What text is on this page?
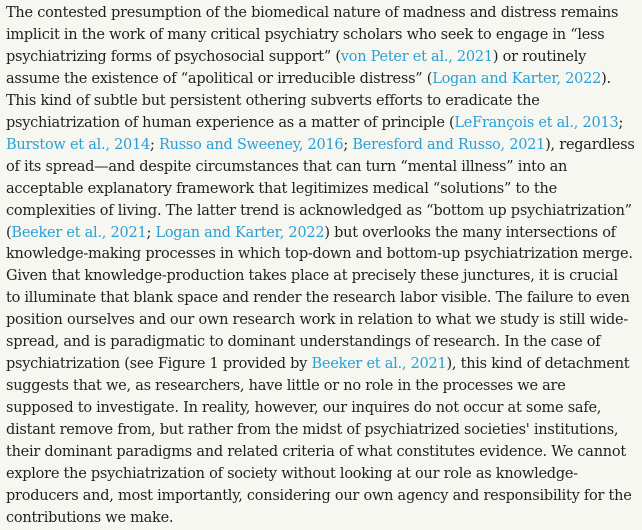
The contested presumption of the biomedical nature of madness and distress remains implicit in the work of many critical psychiatry scholars who seek to engage in “less psychiatrizing forms of psychosocial support” (von Peter et al., 2021) or routinely assume the existence of “apolitical or irreducible distress” (Logan and Karter, 2022). This kind of subtle but persistent othering subverts efforts to eradicate the psychiatrization of human experience as a matter of principle (LeFrançois et al., 2013; Burstow et al., 2014; Russo and Sweeney, 2016; Beresford and Russo, 2021), regardless of its spread—and despite circumstances that can turn “mental illness” into an acceptable explanatory framework that legitimizes medical “solutions” to the complexities of living. The latter trend is acknowledged as “bottom up psychiatrization” (Beeker et al., 2021; Logan and Karter, 2022) but overlooks the many intersections of knowledge-making processes in which top-down and bottom-up psychiatrization merge. Given that knowledge-production takes place at precisely these junctures, it is crucial to illuminate that blank space and render the research labor visible. The failure to even position ourselves and our own research work in relation to what we study is still wide-spread, and is paradigmatic to dominant understandings of research. In the case of psychiatrization (see Figure 1 provided by Beeker et al., 2021), this kind of detachment suggests that we, as researchers, have little or no role in the processes we are supposed to investigate. In reality, however, our inquires do not occur at some safe, distant remove from, but rather from the midst of psychiatrized societies' institutions, their dominant paradigms and related criteria of what constitutes evidence. We cannot explore the psychiatrization of society without looking at our role as knowledge-producers and, most importantly, considering our own agency and responsibility for the contributions we make.
